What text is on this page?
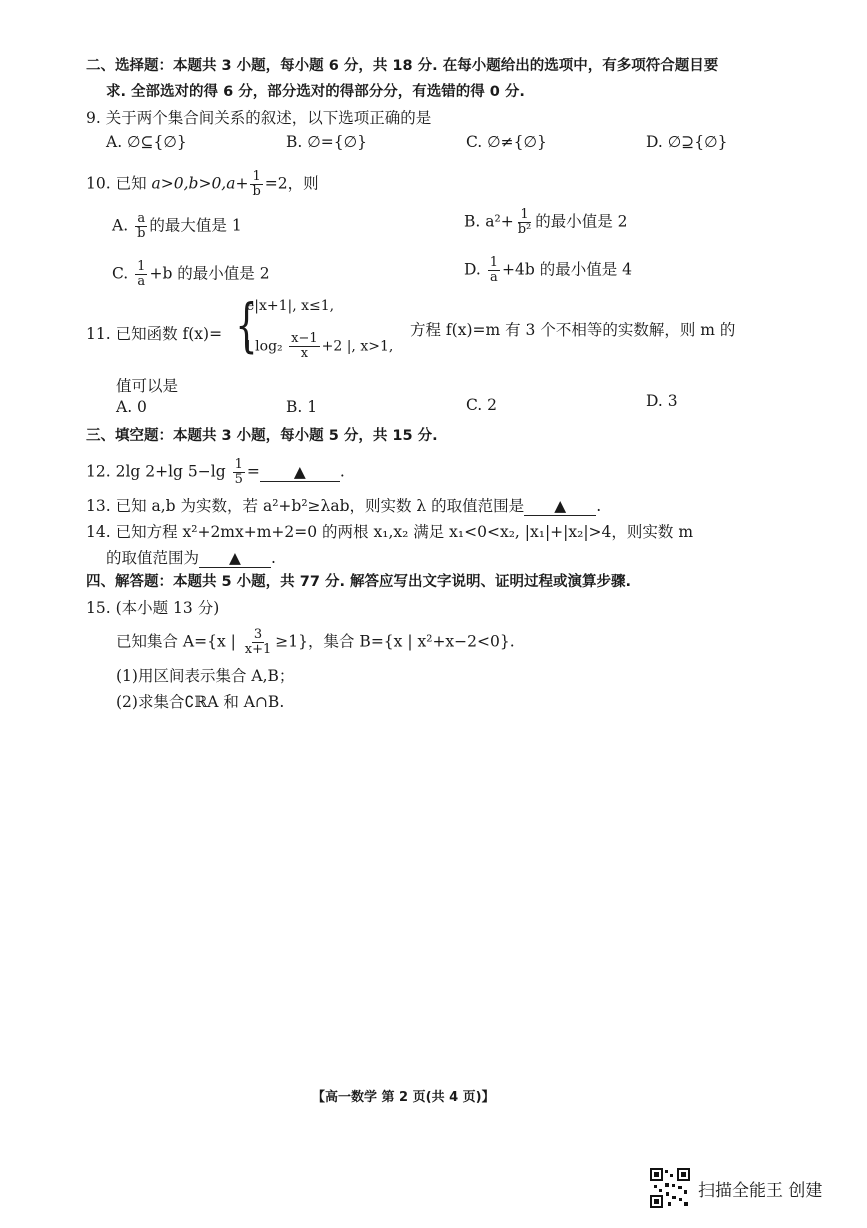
二、选择题：本题共 3 小题，每小题 6 分，共 18 分. 在每小题给出的选项中，有多项符合题目要
求. 全部选对的得 6 分，部分选对的得部分分，有选错的得 0 分.
9. 关于两个集合间关系的叙述，以下选项正确的是
A. ∅⊆{∅}	B. ∅={∅}	C. ∅≠{∅}	D. ∅⊇{∅}
10. 已知 $a>0,b>0,a+ \frac{1}{b} =2$，则
A. $\frac{a}{b}$ 的最大值是 1	B. $a^2+ \frac{1}{\text{b²}}$ 的最小值是 2
C. $\frac{1}{a} +b$ 的最小值是 2	D. $\frac{1}{a} +4b$ 的最小值是 4
11. 已知函数 f(x)= {
e|x+1|, x≤1,
| $\log_2 \frac{x-1}{x} +2$ |, x>1,
方程 f(x)=m 有 3 个不相等的实数解，则 m 的
值可以是
A. 0	B. 1	C. 2	D. 3
三、填空题：本题共 3 小题，每小题 5 分，共 15 分.
12. 2lg 2+lg $5-\lg \frac{1}{5}$ = ▲ .
13. 已知 a,b 为实数，若 a²+b²≥λab，则实数 λ 的取值范围是 ▲ .
14. 已知方程 x²+2mx+m+2=0 的两根 x₁,x₂ 满足 x₁<0<x₂, |x₁|+|x₂|>4，则实数 m
的取值范围为 ▲ .
四、解答题：本题共 5 小题，共 77 分. 解答应写出文字说明、证明过程或演算步骤.
15. (本小题 13 分)
已知集合 A={x | $\frac{3}{x+1} \ge 1$}，集合 B={x | x²+x−2<0}.
(1)用区间表示集合 A,B；
(2)求集合∁ℝA 和 A∩B.
【高一数学 第 2 页(共 4 页)】
扫描全能王 创建
